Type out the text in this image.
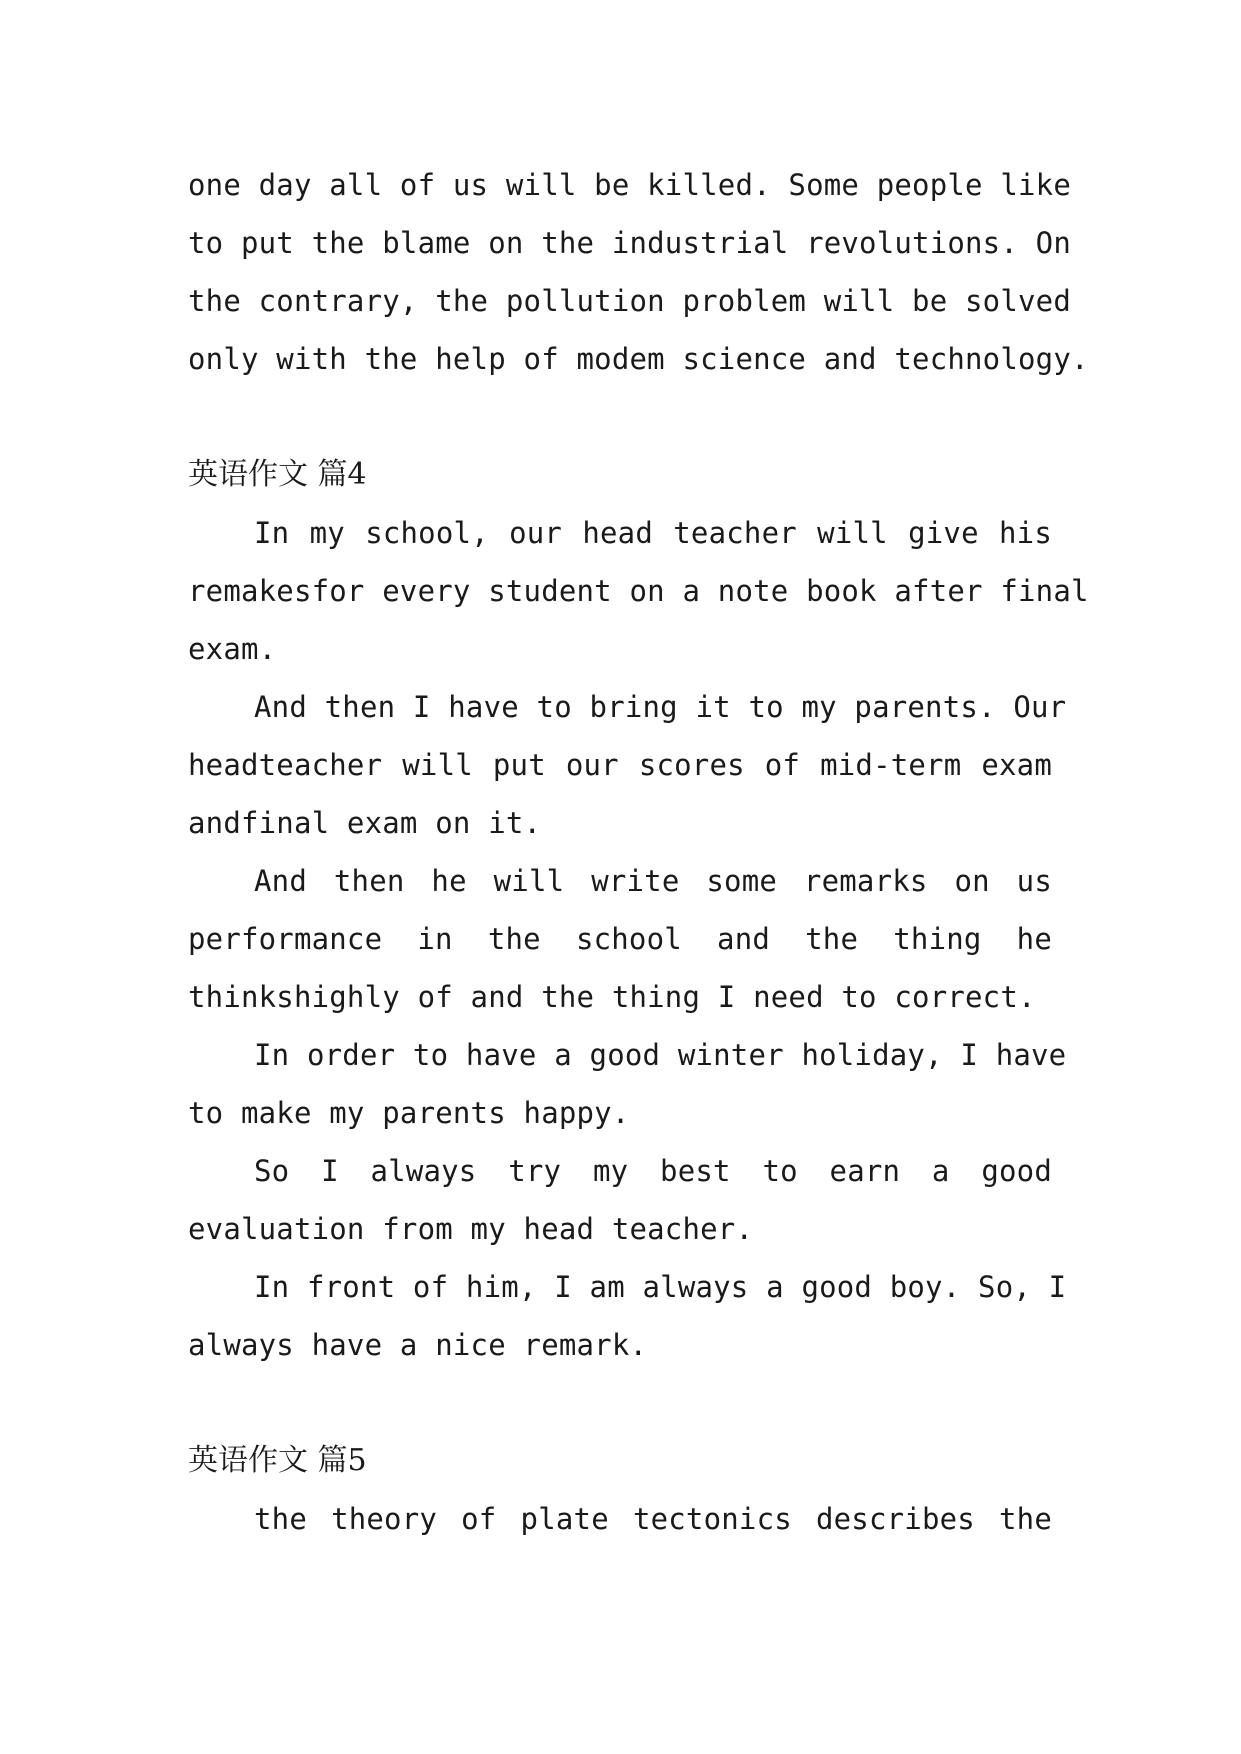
one day all of us will be killed. Some people like
to put the blame on the industrial revolutions. On
the contrary, the pollution problem will be solved
only with the help of modem science and technology.
英语作文 篇4
In my school, our head teacher will give his
remakesfor every student on a note book after final
exam.
And then I have to bring it to my parents. Our
headteacher will put our scores of mid-term exam
andfinal exam on it.
And then he will write some remarks on us
performance in the school and the thing he
thinkshighly of and the thing I need to correct.
In order to have a good winter holiday, I have
to make my parents happy.
So I always try my best to earn a good
evaluation from my head teacher.
In front of him, I am always a good boy. So, I
always have a nice remark.
英语作文 篇5
the theory of plate tectonics describes the
